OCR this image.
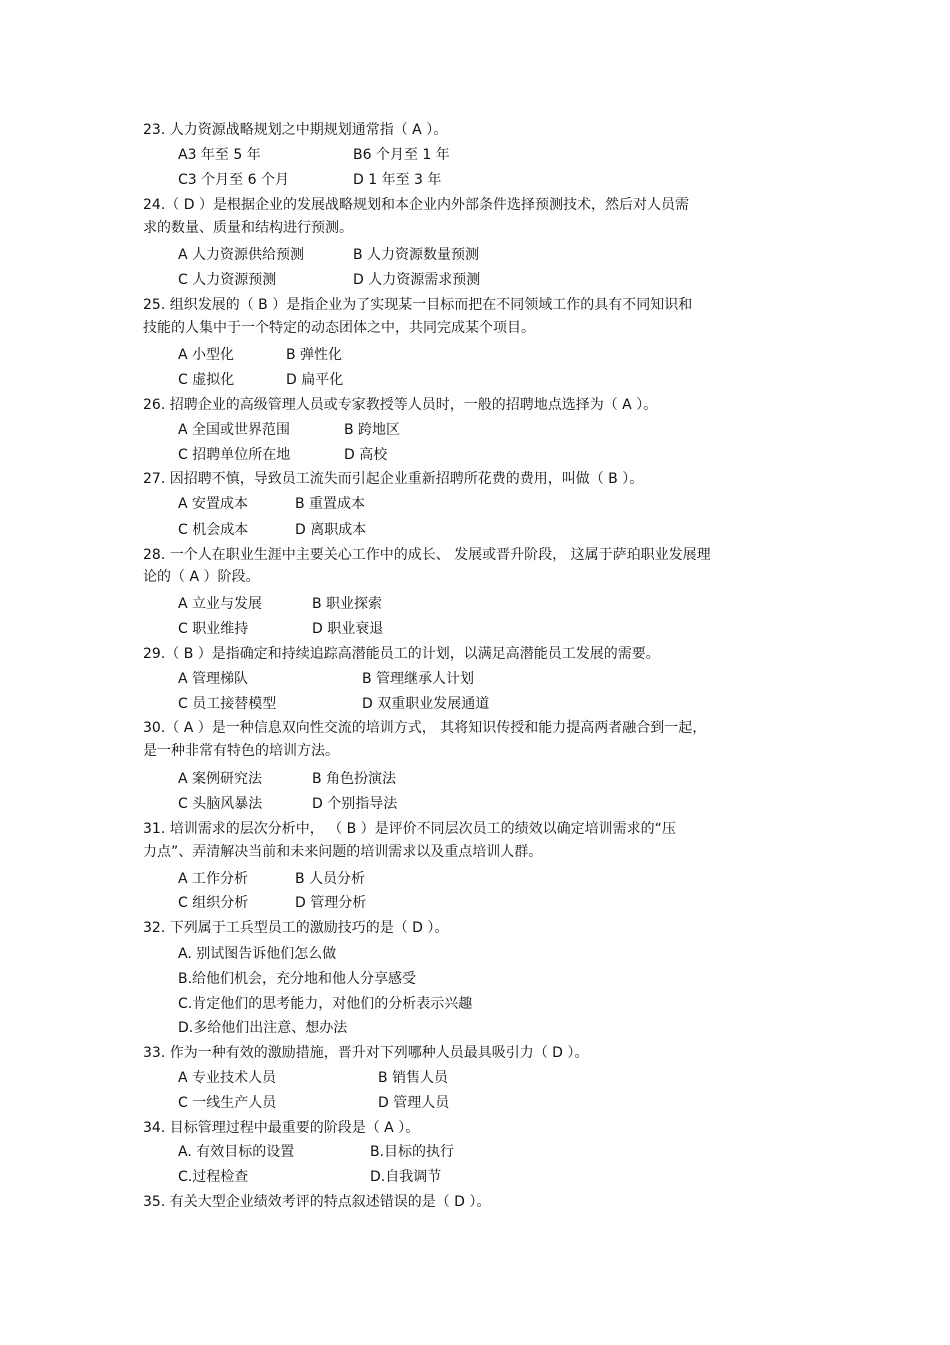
23. 人力资源战略规划之中期规划通常指（ A ）。
A3 年至 5 年	B6 个月至 1 年
C3 个月至 6 个月	D 1 年至 3 年
24.（ D ）是根据企业的发展战略规划和本企业内外部条件选择预测技术，然后对人员需
求的数量、质量和结构进行预测。
A 人力资源供给预测	B 人力资源数量预测
C 人力资源预测	D 人力资源需求预测
25. 组织发展的（ B ）是指企业为了实现某一目标而把在不同领域工作的具有不同知识和
技能的人集中于一个特定的动态团体之中，共同完成某个项目。
A 小型化	B 弹性化
C 虚拟化	D 扁平化
26. 招聘企业的高级管理人员或专家教授等人员时，一般的招聘地点选择为（ A ）。
A 全国或世界范围	B 跨地区
C 招聘单位所在地	D 高校
27. 因招聘不慎，导致员工流失而引起企业重新招聘所花费的费用，叫做（ B ）。
A 安置成本	B 重置成本
C 机会成本	D 离职成本
28. 一个人在职业生涯中主要关心工作中的成长、 发展或晋升阶段， 这属于萨珀职业发展理
论的（ A ）阶段。
A 立业与发展	B 职业探索
C 职业维持	D 职业衰退
29.（ B ）是指确定和持续追踪高潜能员工的计划，以满足高潜能员工发展的需要。
A 管理梯队	B 管理继承人计划
C 员工接替模型	D 双重职业发展通道
30.（ A ）是一种信息双向性交流的培训方式， 其将知识传授和能力提高两者融合到一起，
是一种非常有特色的培训方法。
A 案例研究法	B 角色扮演法
C 头脑风暴法	D 个别指导法
31. 培训需求的层次分析中， （ B ）是评价不同层次员工的绩效以确定培训需求的“压
力点”、弄清解决当前和未来问题的培训需求以及重点培训人群。
A 工作分析	B 人员分析
C 组织分析	D 管理分析
32. 下列属于工兵型员工的激励技巧的是（ D ）。
A. 别试图告诉他们怎么做
B.给他们机会，充分地和他人分享感受
C.肯定他们的思考能力，对他们的分析表示兴趣
D.多给他们出注意、想办法
33. 作为一种有效的激励措施，晋升对下列哪种人员最具吸引力（ D ）。
A 专业技术人员	B 销售人员
C 一线生产人员	D 管理人员
34. 目标管理过程中最重要的阶段是（ A ）。
A. 有效目标的设置	B.目标的执行
C.过程检查	D.自我调节
35. 有关大型企业绩效考评的特点叙述错误的是（ D ）。
